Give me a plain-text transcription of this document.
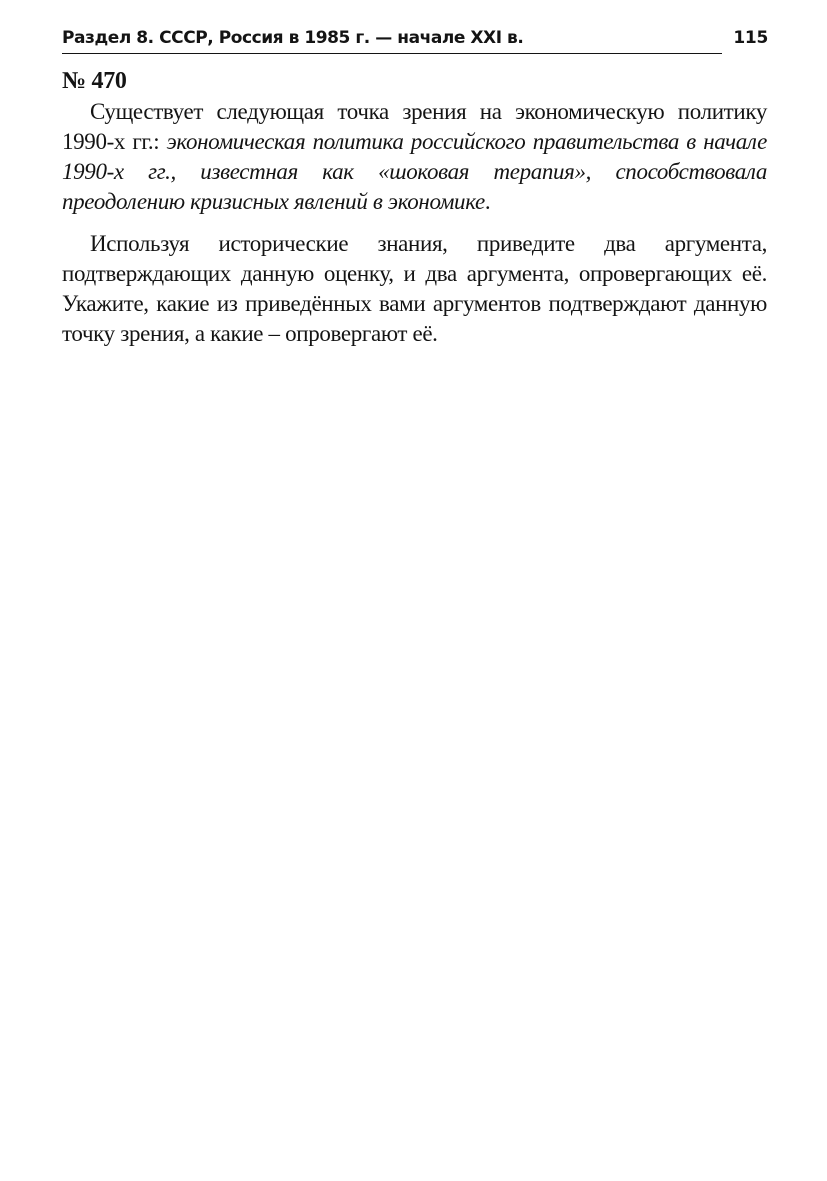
Раздел 8. СССР, Россия в 1985 г. — начале XXI в.	115
№ 470

Существует следующая точка зрения на экономическую политику 1990-х гг.: экономическая политика российского правительства в начале 1990-х гг., известная как «шоковая терапия», способствовала преодолению кризисных явлений в экономике.

Используя исторические знания, приведите два аргумента, подтверждающих данную оценку, и два аргумента, опровергающих её. Укажите, какие из приведённых вами аргументов подтверждают данную точку зрения, а какие – опровергают её.
